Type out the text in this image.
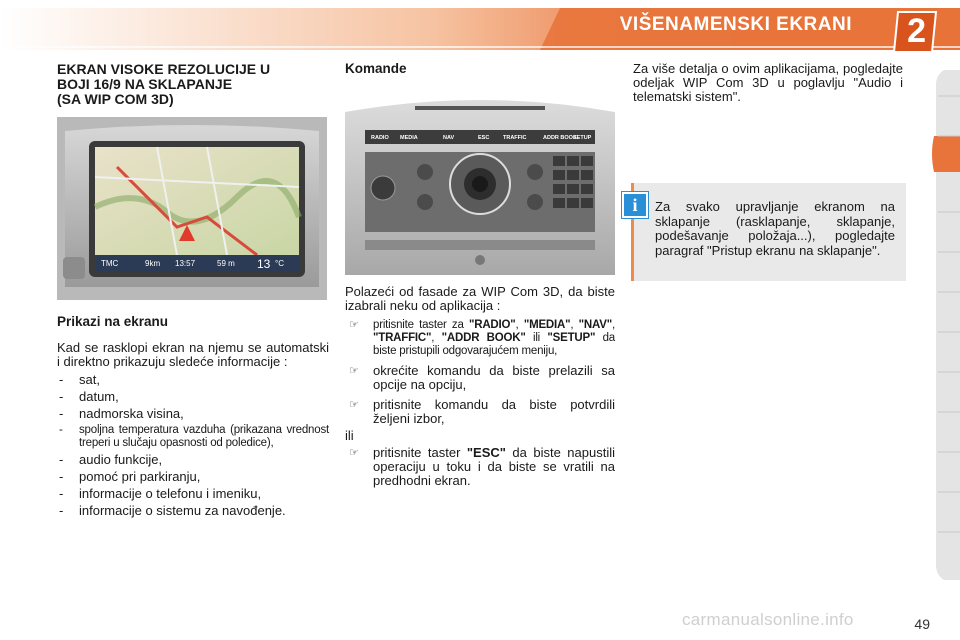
VIŠENAMENSKI EKRANI 2
EKRAN VISOKE REZOLUCIJE U
BOJI 16/9 NA SKLAPANJE
(SA WIP COM 3D)
TMC	9km 13:57	59 m 13 °C
Prikazi na ekranu

Kad se rasklopi ekran na njemu se automatski i direktno prikazuju sledeće informacije :

- sat,
- datum,
- nadmorska visina,
- spoljna temperatura vazduha (prikazana vrednost treperi u slučaju opasnosti od poledice),
- audio funkcije,
- pomoć pri parkiranju,
- informacije o telefonu i imeniku,
- informacije o sistemu za navođenje.
Komande
RADIO MEDIA	NAV	ESC TRAFFIC	ADDR BOOK
SETUP

Polazeći od fasade za WIP Com 3D, da biste izabrali neku od aplikacija :

☞ pritisnite taster za "RADIO", "MEDIA", "NAV", "TRAFFIC", "ADDR BOOK" ili "SETUP" da biste pristupili odgovarajućem meniju,
☞ okrećite komandu da biste prelazili sa opcije na opciju,
☞ pritisnite komandu da biste potvrdili željeni izbor,

ili

☞ pritisnite taster "ESC" da biste napustili operaciju u toku i da biste se vratili na predhodni ekran.

Za više detalja o ovim aplikacijama, pogledajte odeljak WIP Com 3D u poglavlju "Audio i telematski sistem".

i	Za svako upravljanje ekranom na sklapanje (rasklapanje, sklapanje, podešavanje položaja...), pogledajte paragraf "Pristup ekranu na sklapanje".
carmanualsonline.info	49
